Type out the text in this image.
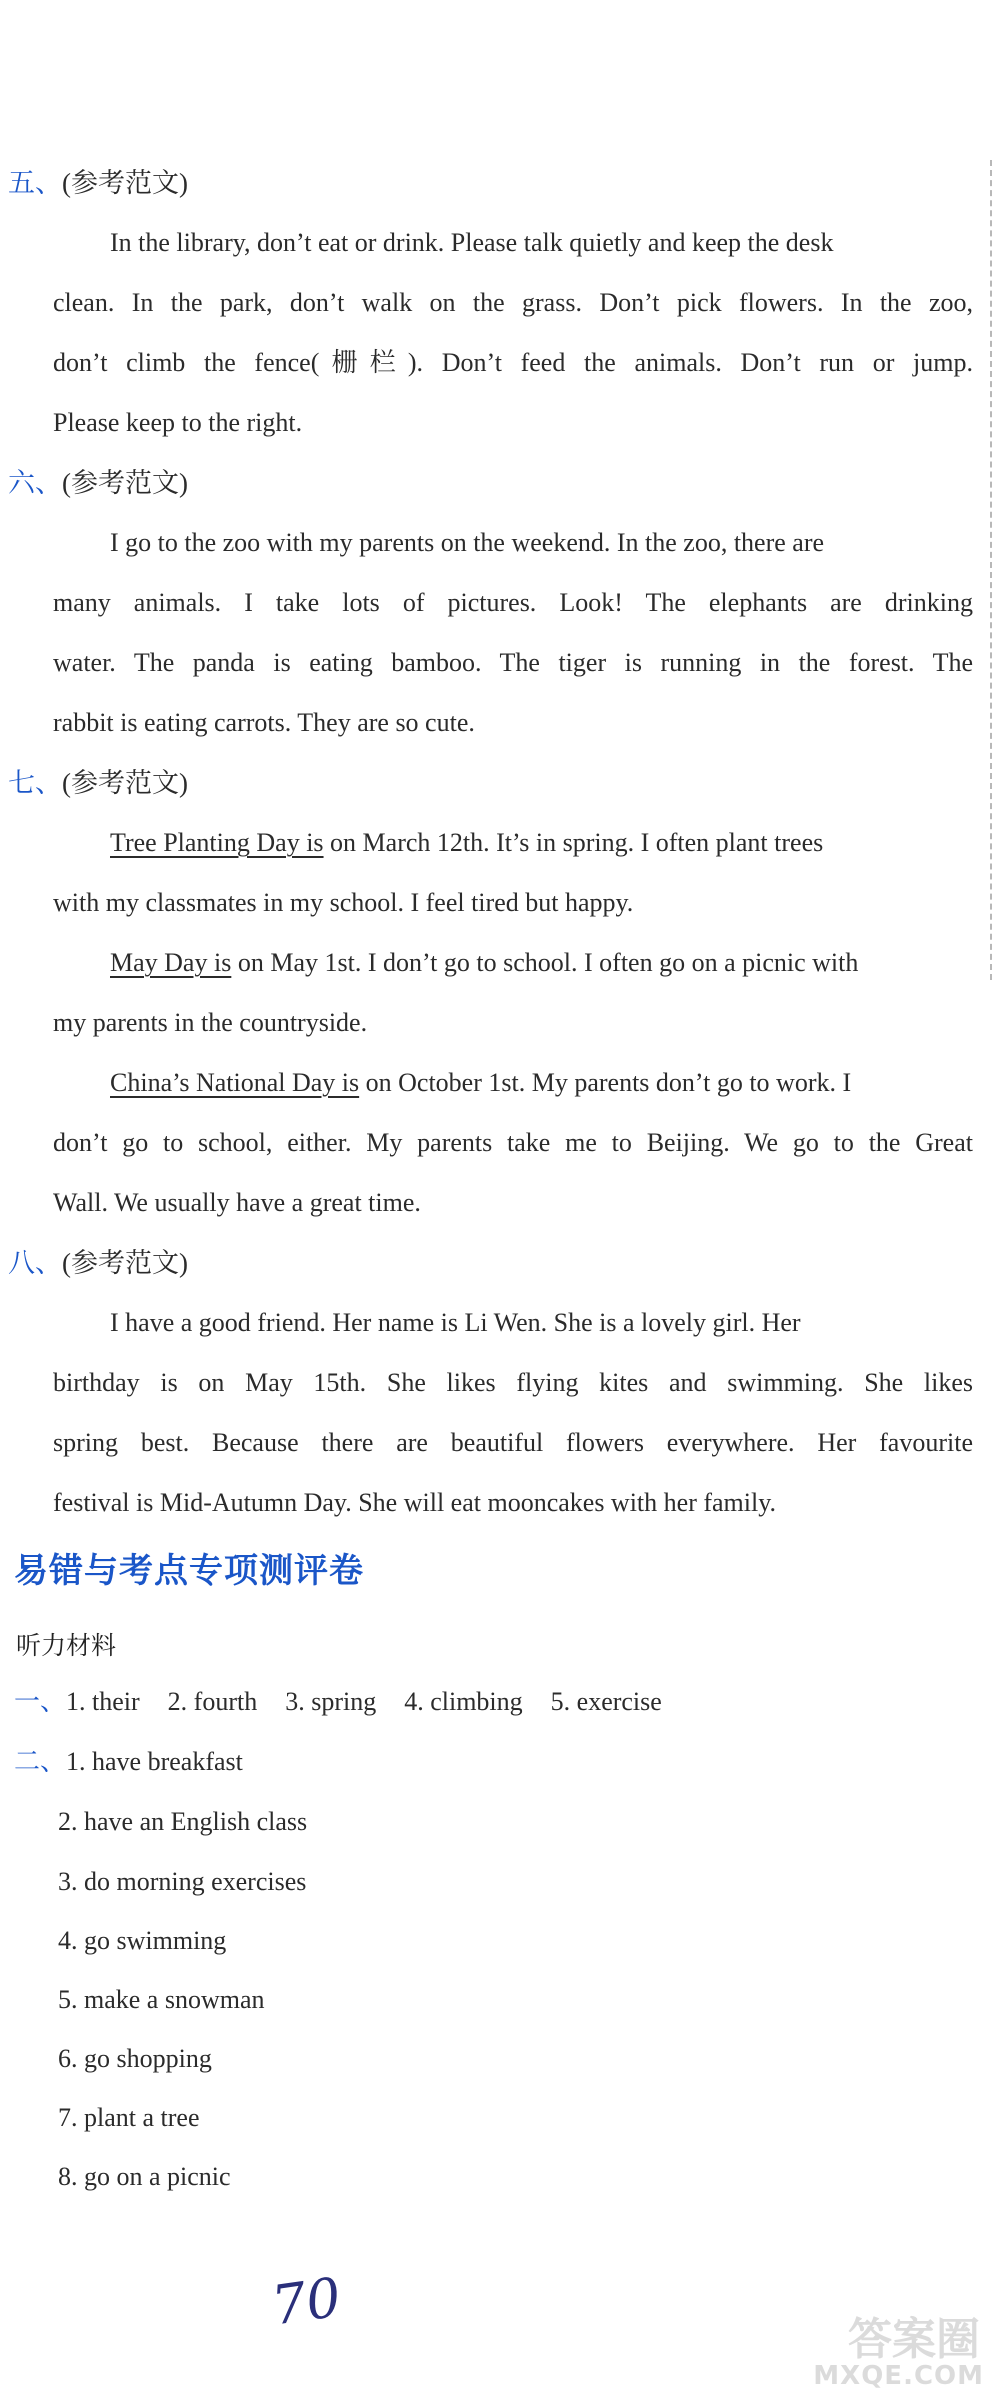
五、(参考范文)
In the library, don’t eat or drink. Please talk quietly and keep the desk
clean. In the park, don’t walk on the grass. Don’t pick flowers. In the zoo,
don’t climb the fence(栅栏). Don’t feed the animals. Don’t run or jump.
Please keep to the right.
六、(参考范文)
I go to the zoo with my parents on the weekend. In the zoo, there are
many animals. I take lots of pictures. Look! The elephants are drinking
water. The panda is eating bamboo. The tiger is running in the forest. The
rabbit is eating carrots. They are so cute.
七、(参考范文)
Tree Planting Day is on March 12th. It’s in spring. I often plant trees
with my classmates in my school. I feel tired but happy.
May Day is on May 1st. I don’t go to school. I often go on a picnic with
my parents in the countryside.
China’s National Day is on October 1st. My parents don’t go to work. I
don’t go to school, either. My parents take me to Beijing. We go to the Great
Wall. We usually have a great time.
八、(参考范文)
I have a good friend. Her name is Li Wen. She is a lovely girl. Her
birthday is on May 15th. She likes flying kites and swimming. She likes
spring best. Because there are beautiful flowers everywhere. Her favourite
festival is Mid-Autumn Day. She will eat mooncakes with her family.
易错与考点专项测评卷
听力材料
一、1. their 2. fourth 3. spring 4. climbing 5. exercise
二、1. have breakfast
2. have an English class
3. do morning exercises
4. go swimming
5. make a snowman
6. go shopping
7. plant a tree
8. go on a picnic
70
答案圈
MXQE.COM
